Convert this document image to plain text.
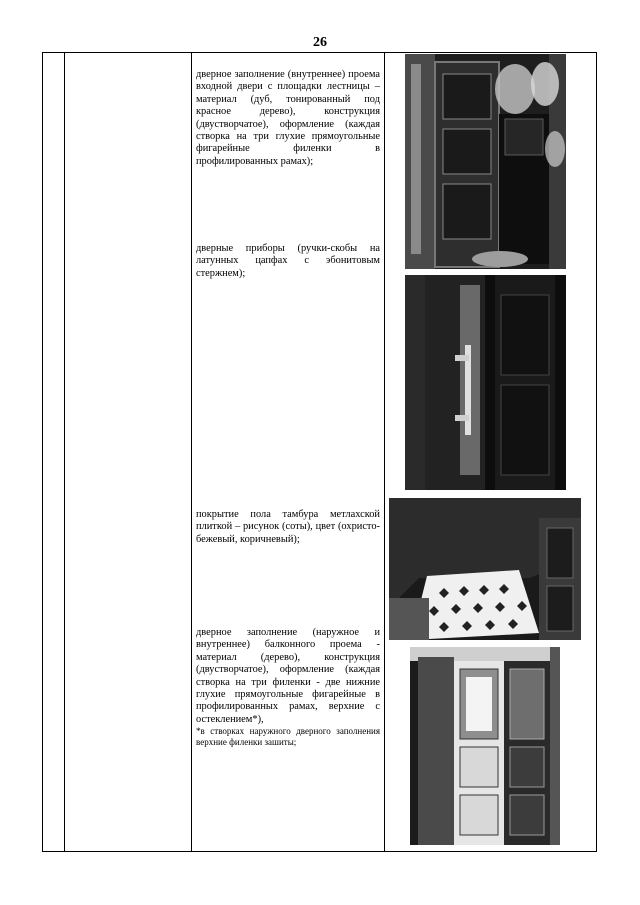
26
дверное заполнение (внутреннее) проема входной двери с площадки лестницы – материал (дуб, тонированный под красное дерево), конструкция (двустворчатое), оформление (каждая створка на три глухие прямоугольные фигарейные филенки в профилированных рамах);
дверные приборы (ручки-скобы на латунных цапфах с эбонитовым стержнем);
покрытие пола тамбура метлахской плиткой – рисунок (соты), цвет (охристо-бежевый, коричневый);
дверное заполнение (наружное и внутреннее) балконного проема - материал (дерево), конструкция (двустворчатое), оформление (каждая створка на три филенки - две нижние глухие прямоугольные фигарейные в профилированных рамах, верхние с остеклением*),
*в створках наружного дверного заполнения верхние филенки зашиты;
